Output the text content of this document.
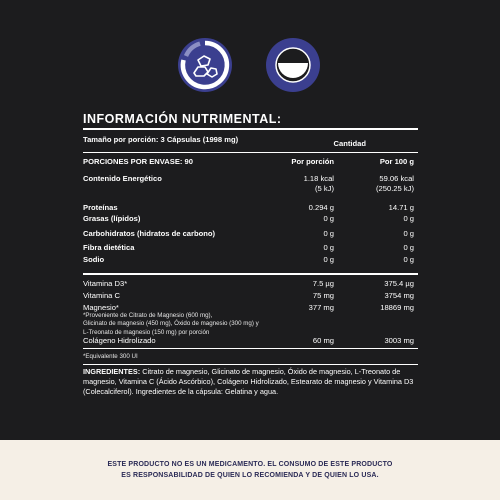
INFORMACIÓN NUTRIMENTAL:
Tamaño por porción: 3 Cápsulas (1998 mg)	Cantidad
PORCIONES POR ENVASE: 90	Por porción	Por 100 g
Contenido Energético	1.18 kcal	59.06 kcal
(5 kJ)	(250.25 kJ)
Proteínas	0.294 g	14.71 g
Grasas (lípidos)	0 g	0 g
Carbohidratos (hidratos de carbono)	0 g	0 g
Fibra dietética	0 g	0 g
Sodio	0 g	0 g
Vitamina D3*	7.5 µg	375.4 µg
Vitamina C	75 mg	3754 mg
Magnesio*	377 mg	18869 mg
*Proveniente de Citrato de Magnesio (600 mg),
Glicinato de magnesio (450 mg), Óxido de magnesio (300 mg) y
L-Treonato de magnesio (150 mg) por porción
Colágeno Hidrolizado	60 mg	3003 mg
*Equivalente 300 UI
INGREDIENTES: Citrato de magnesio, Glicinato de magnesio, Óxido de magnesio, L-Treonato de magnesio, Vitamina C (Ácido Ascórbico), Colágeno Hidrolizado, Estearato de magnesio y Vitamina D3 (Colecalciferol). Ingredientes de la cápsula: Gelatina y agua.
ESTE PRODUCTO NO ES UN MEDICAMENTO. EL CONSUMO DE ESTE PRODUCTO
ES RESPONSABILIDAD DE QUIEN LO RECOMIENDA Y DE QUIEN LO USA.
